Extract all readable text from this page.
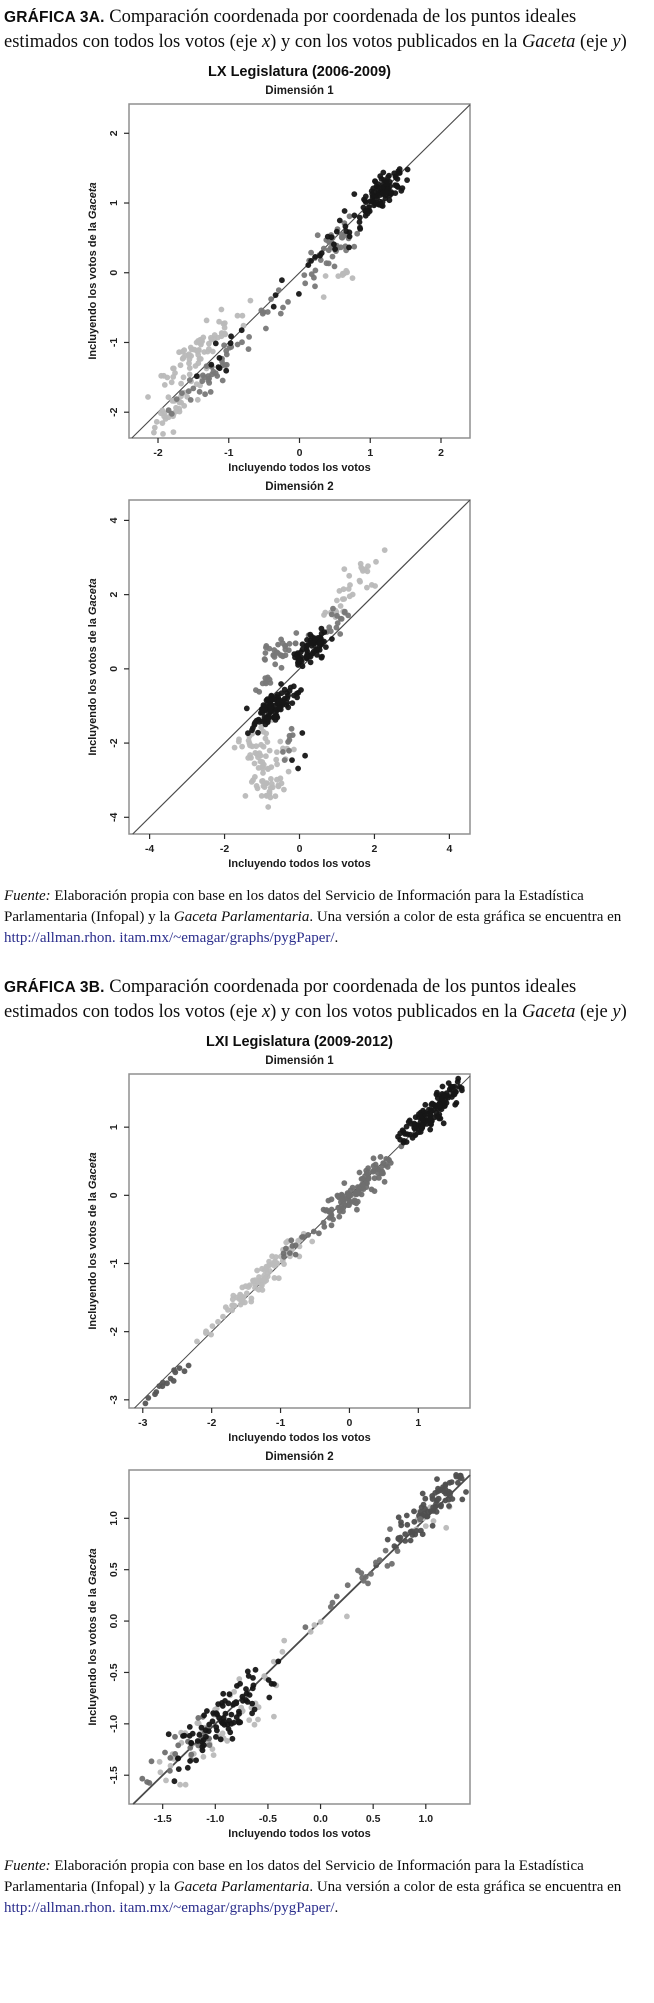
GRÁFICA 3A. Comparación coordenada por coordenada de los puntos ideales estimados con todos los votos (eje x) y con los votos publicados en la Gaceta (eje y)

LX Legislatura (2006-2009)
Dimensión 1
-2	-1	0	1	2
-2
-1
0
1
2
Incluyendo todos los votos
Incluyendo los votos de la Gaceta
Dimensión 2
-4	-2	0	2	4
-4
-2
0
2
4
Incluyendo todos los votos
Incluyendo los votos de la Gaceta

Fuente: Elaboración propia con base en los datos del Servicio de Información para la Estadística Parlamentaria (Infopal) y la Gaceta Parlamentaria. Una versión a color de esta gráfica se encuentra en
http://allman.rhon. itam.mx/~emagar/graphs/pygPaper/.

GRÁFICA 3B. Comparación coordenada por coordenada de los puntos ideales estimados con todos los votos (eje x) y con los votos publicados en la Gaceta (eje y)

LXI Legislatura (2009-2012)
Dimensión 1
-3	-2	-1	0	1
-3
-2
-1
0
1
Incluyendo todos los votos
Incluyendo los votos de la Gaceta
Dimensión 2
-1.5	-1.0	-0.5	0.0	0.5	1.0
-1.5
-1.0
-0.5
0.0
0.5
1.0
Incluyendo todos los votos
Incluyendo los votos de la Gaceta

Fuente: Elaboración propia con base en los datos del Servicio de Información para la Estadística Parlamentaria (Infopal) y la Gaceta Parlamentaria. Una versión a color de esta gráfica se encuentra en
http://allman.rhon. itam.mx/~emagar/graphs/pygPaper/.
